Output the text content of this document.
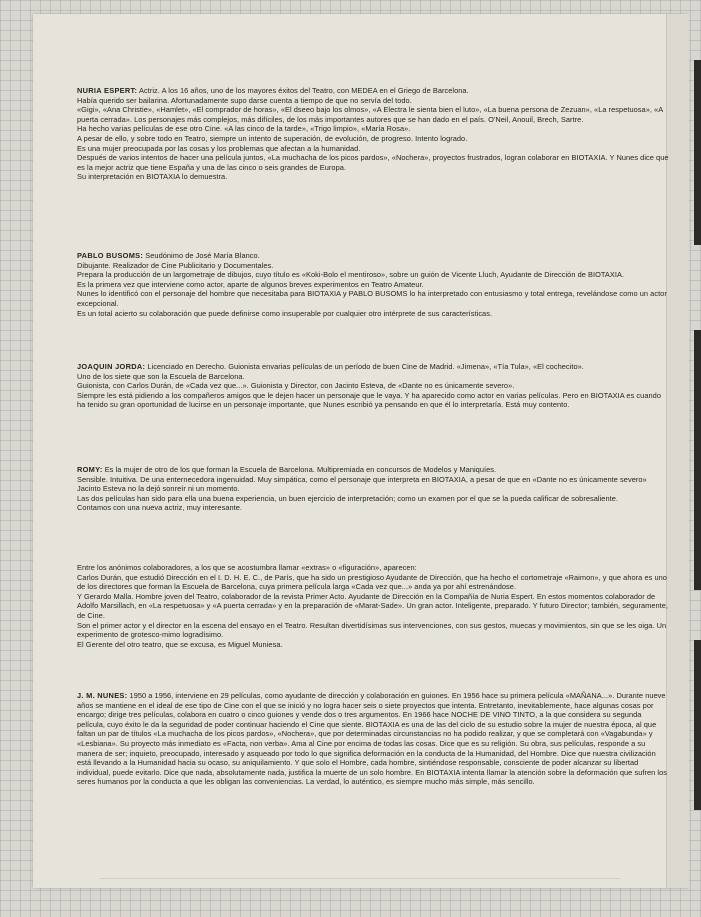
NURIA ESPERT: Actriz. A los 16 años, uno de los mayores éxitos del Teatro, con MEDEA en el Griego de Barcelona.

Había querido ser bailarina. Afortunadamente supo darse cuenta a tiempo de que no servía del todo.

«Gigi», «Ana Christie», «Hamlet», «El comprador de horas», «El dseeo bajo los olmos», «A Electra le sienta bien el luto», «La buena persona de Zezuan», «La respetuosa», «A puerta cerrada». Los personajes más complejos, más difíciles, de los más importantes autores que se han dado en el país. O'Neil, Anouil, Brech, Sartre.

Ha hecho varias películas de ese otro Cine. «A las cinco de la tarde», «Trigo limpio», «María Rosa».

A pesar de ello, y sobre todo en Teatro, siempre un intento de superación, de evolución, de progreso. Intento logrado.

Es una mujer preocupada por las cosas y los problemas que afectan a la humanidad.

Después de varios intentos de hacer una película juntos, «La muchacha de los picos pardos», «Nochera», proyectos frustrados, logran colaborar en BIOTAXIA. Y Nunes dice que es la mejor actriz que tiene España y una de las cinco o seis grandes de Europa.

Su interpretación en BIOTAXIA lo demuestra.

PABLO BUSOMS: Seudónimo de José María Blanco.

Dibujante. Realizador de Cine Publicitario y Documentales.

Prepara la producción de un largometraje de dibujos, cuyo título es «Koki-Bolo el mentiroso», sobre un guión de Vicente Lluch, Ayudante de Dirección de BIOTAXIA.

Es la primera vez que interviene como actor, aparte de algunos breves experimentos en Teatro Amateur.

Nunes lo identificó con el personaje del hombre que necesitaba para BIOTAXIA y PABLO BUSOMS lo ha interpretado con entusiasmo y total entrega, revelándose como un actor excepcional.

Es un total acierto su colaboración que puede definirse como insuperable por cualquier otro intérprete de sus características.

JOAQUIN JORDA: Licenciado en Derecho. Guionista envarias películas de un período de buen Cine de Madrid. «Jimena», «Tía Tula», «El cochecito».

Uno de los siete que son la Escuela de Barcelona.

Guionista, con Carlos Durán, de «Cada vez que...». Guionista y Director, con Jacinto Esteva, de «Dante no es únicamente severo».

Siempre les está pidiendo a los compañeros amigos que le dejen hacer un personaje que le vaya. Y ha aparecido como actor en varias películas. Pero en BIOTAXIA es cuando ha tenido su gran oportunidad de lucirse en un personaje importante, que Nunes escribió ya pensando en que él lo interpretaría. Está muy contento.

ROMY: Es la mujer de otro de los que forman la Escuela de Barcelona. Multipremiada en concursos de Modelos y Maniquíes.

Sensible. Intuitiva. De una enternecedora ingenuidad. Muy simpática, como el personaje que interpreta en BIOTAXIA, a pesar de que en «Dante no es únicamente severo» Jacinto Esteva no la dejó sonreír ni un momento.

Las dos películas han sido para ella una buena experiencia, un buen ejercicio de interpretación; como un examen por el que se la pueda calificar de sobresaliente.

Contamos con una nueva actriz, muy interesante.

Entre los anónimos colaboradores, a los que se acostumbra llamar «extras» o «figuración», aparecen:

Carlos Durán, que estudió Dirección en el I. D. H. E. C., de París, que ha sido un prestigioso Ayudante de Dirección, que ha hecho el cortometraje «Raimon», y que ahora es uno de los directores que forman la Escuela de Barcelona, cuya primera película larga «Cada vez que...» anda ya por ahí estrenándose.

Y Gerardo Malla. Hombre joven del Teatro, colaborador de la revista Primer Acto. Ayudante de Dirección en la Compañía de Nuria Espert. En estos momentos colaborador de Adolfo Marsillach, en «La respetuosa» y «A puerta cerrada» y en la preparación de «Marat-Sade». Un gran actor. Inteligente, preparado. Y futuro Director; también, seguramente, de Cine.

Son el primer actor y el director en la escena del ensayo en el Teatro. Resultan divertidísimas sus intervenciones, con sus gestos, muecas y movimientos, sin que se les oiga. Un experimento de grotesco-mimo logradísimo.

El Gerente del otro teatro, que se excusa, es Miguel Muniesa.

J. M. NUNES: 1950 a 1956, interviene en 29 películas, como ayudante de dirección y colaboración en guiones. En 1956 hace su primera película «MAÑANA...». Durante nueve años se mantiene en el ideal de ese tipo de Cine con el que se inició y no logra hacer seis o siete proyectos que intenta. Entretanto, inevitablemente, hace algunas cosas por encargo; dirige tres películas, colabora en cuatro o cinco guiones y vende dos o tres argumentos. En 1966 hace NOCHE DE VINO TINTO, a la que considera su segunda película, cuyo éxito le da la seguridad de poder continuar haciendo el Cine que siente. BIOTAXIA es una de las del ciclo de su estudio sobre la mujer de nuestra época, al que faltan un par de títulos «La muchacha de los picos pardos», «Nochera», que por determinadas circunstancias no ha podido realizar, y que se completará con «Vagabunda» y «Lesbiana». Su proyecto más inmediato es «Facta, non verba». Ama al Cine por encima de todas las cosas. Dice que es su religión. Su obra, sus películas, responde a su manera de ser; inquieto, preocupado, interesado y asqueado por todo lo que significa deformación en la conducta de la Humanidad, del Hombre. Dice que nuestra civilización está llevando a la Humanidad hacia su ocaso, su aniquilamiento. Y que solo el Hombre, cada hombre, sintiéndose responsable, consciente de poder alcanzar su libertad individual, puede evitarlo. Dice que nada, absolutamente nada, justifica la muerte de un solo hombre. En BIOTAXIA intenta llamar la atención sobre la deformación que sufren los seres humanos por la conducta a que les obligan las conveniencias. La verdad, lo auténtico, es siempre mucho más simple, más sencillo.
